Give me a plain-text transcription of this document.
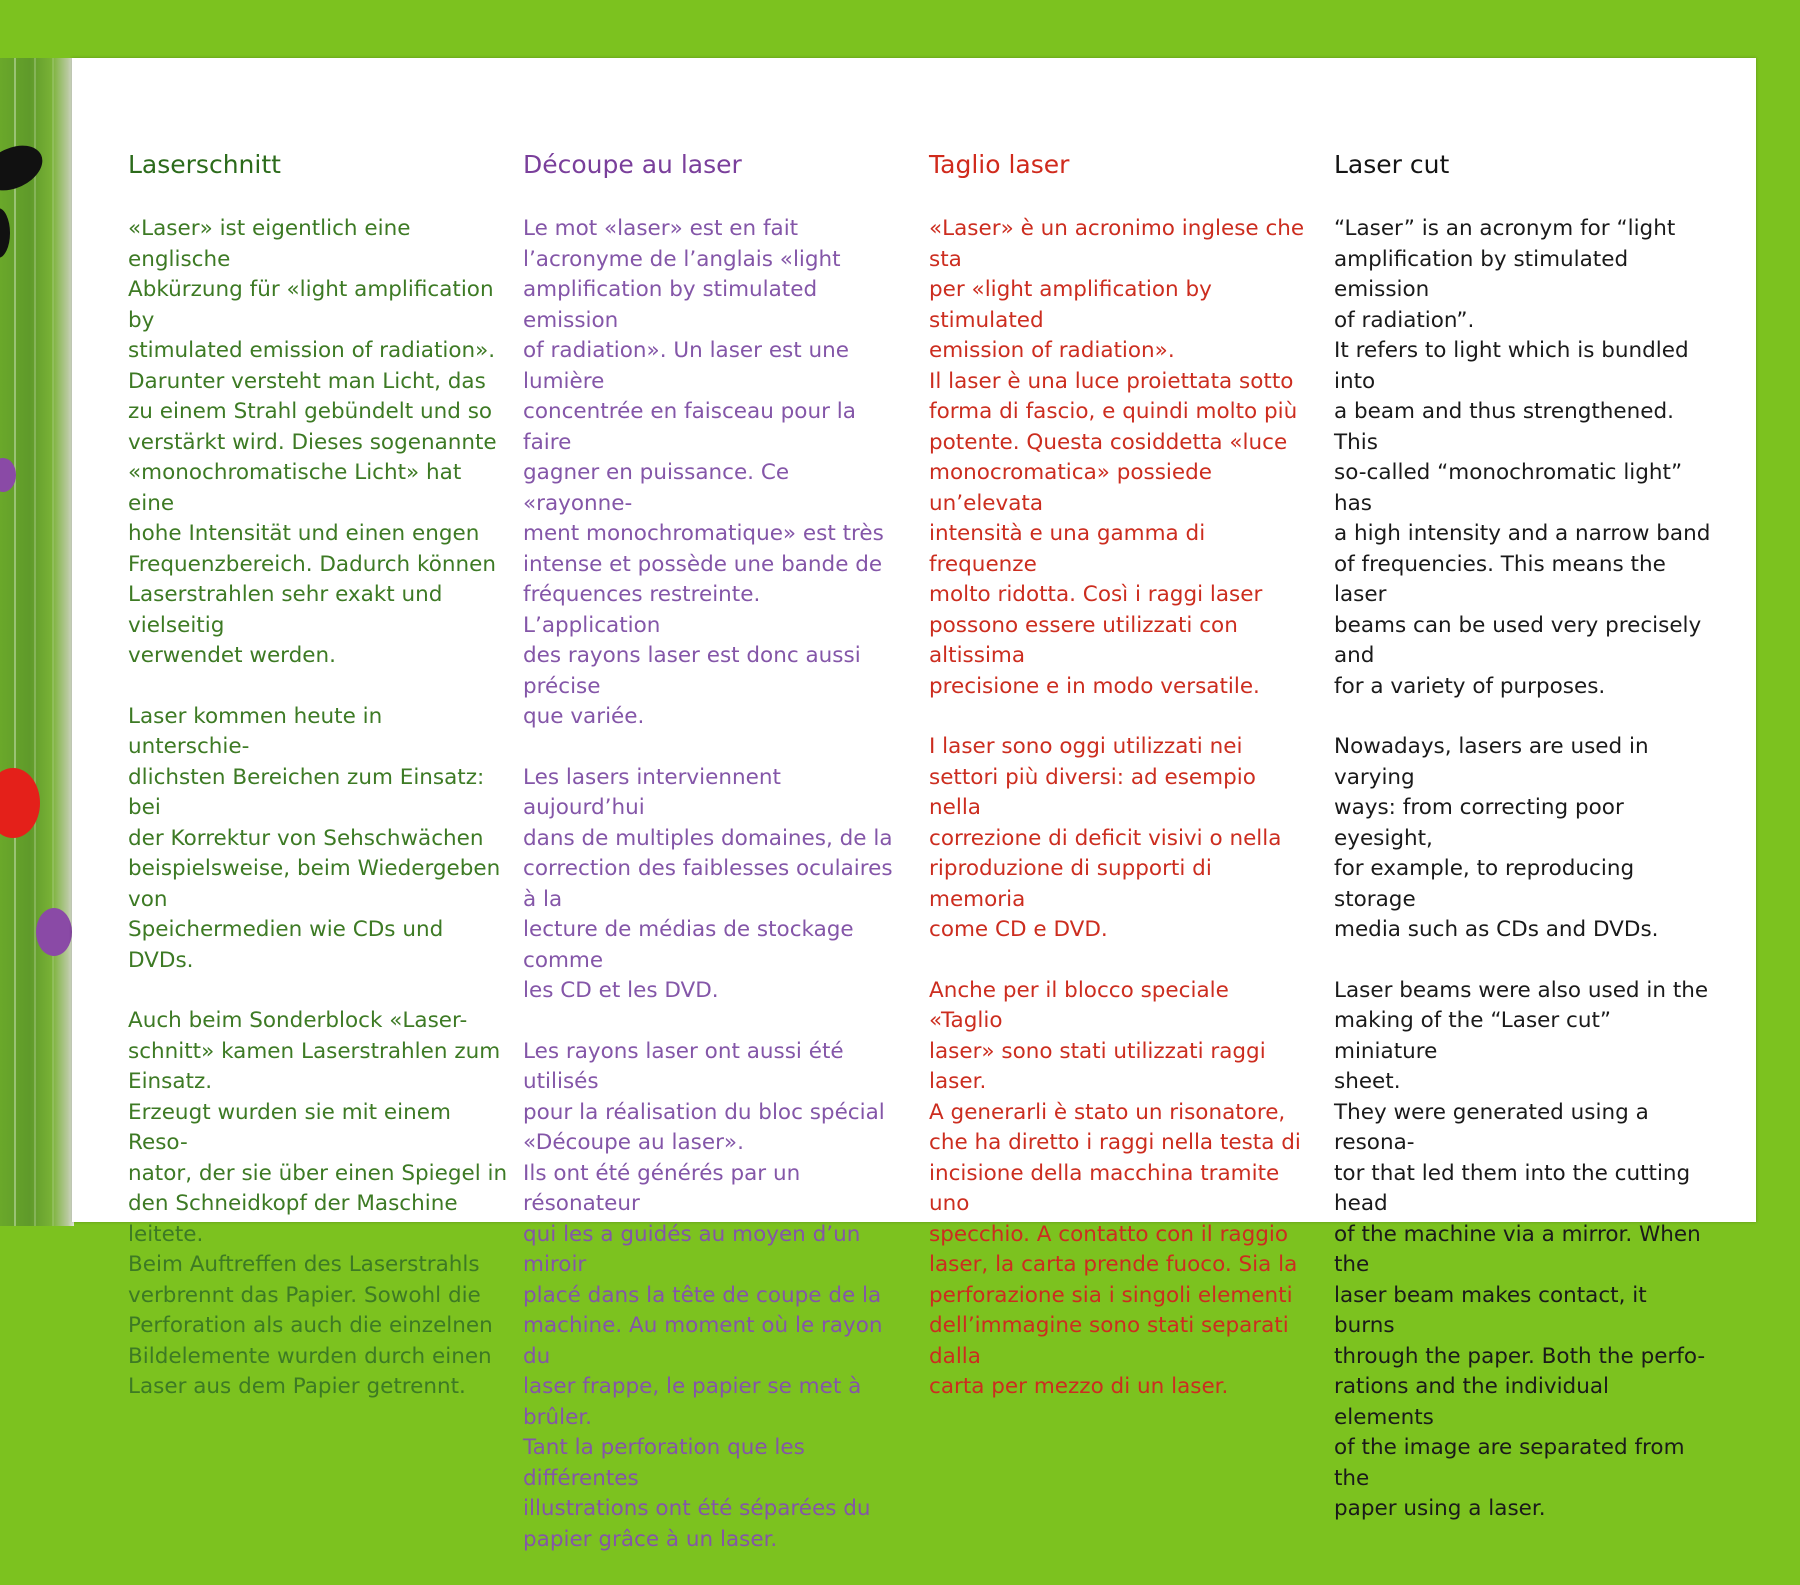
Laserschnitt
«Laser» ist eigentlich eine englische
Abkürzung für «light amplification by
stimulated emission of radiation».
Darunter versteht man Licht, das
zu einem Strahl gebündelt und so
verstärkt wird. Dieses sogenannte
«monochromatische Licht» hat eine
hohe Intensität und einen engen
Frequenzbereich. Dadurch können
Laserstrahlen sehr exakt und vielseitig
verwendet werden.
Laser kommen heute in unterschie-
dlichsten Bereichen zum Einsatz: bei
der Korrektur von Sehschwächen
beispielsweise, beim Wiedergeben von
Speichermedien wie CDs und DVDs.
Auch beim Sonderblock «Laser-
schnitt» kamen Laserstrahlen zum
Einsatz.
Erzeugt wurden sie mit einem Reso-
nator, der sie über einen Spiegel in
den Schneidkopf der Maschine leitete.
Beim Auftreffen des Laserstrahls
verbrennt das Papier. Sowohl die
Perforation als auch die einzelnen
Bildelemente wurden durch einen
Laser aus dem Papier getrennt.
Découpe au laser
Le mot «laser» est en fait
l’acronyme de l’anglais «light
amplification by stimulated emission
of radiation». Un laser est une lumière
concentrée en faisceau pour la faire
gagner en puissance. Ce «rayonne-
ment monochromatique» est très
intense et possède une bande de
fréquences restreinte. L’application
des rayons laser est donc aussi précise
que variée.
Les lasers interviennent aujourd’hui
dans de multiples domaines, de la
correction des faiblesses oculaires à la
lecture de médias de stockage comme
les CD et les DVD.
Les rayons laser ont aussi été utilisés
pour la réalisation du bloc spécial
«Découpe au laser».
Ils ont été générés par un résonateur
qui les a guidés au moyen d’un miroir
placé dans la tête de coupe de la
machine. Au moment où le rayon du
laser frappe, le papier se met à brûler.
Tant la perforation que les différentes
illustrations ont été séparées du
papier grâce à un laser.
Taglio laser
«Laser» è un acronimo inglese che sta
per «light amplification by stimulated
emission of radiation».
Il laser è una luce proiettata sotto
forma di fascio, e quindi molto più
potente. Questa cosiddetta «luce
monocromatica» possiede un’elevata
intensità e una gamma di frequenze
molto ridotta. Così i raggi laser
possono essere utilizzati con altissima
precisione e in modo versatile.
I laser sono oggi utilizzati nei
settori più diversi: ad esempio nella
correzione di deficit visivi o nella
riproduzione di supporti di memoria
come CD e DVD.
Anche per il blocco speciale «Taglio
laser» sono stati utilizzati raggi laser.
A generarli è stato un risonatore,
che ha diretto i raggi nella testa di
incisione della macchina tramite uno
specchio. A contatto con il raggio
laser, la carta prende fuoco. Sia la
perforazione sia i singoli elementi
dell’immagine sono stati separati dalla
carta per mezzo di un laser.
Laser cut
“Laser” is an acronym for “light
amplification by stimulated emission
of radiation”.
It refers to light which is bundled into
a beam and thus strengthened. This
so-called “monochromatic light” has
a high intensity and a narrow band
of frequencies. This means the laser
beams can be used very precisely and
for a variety of purposes.
Nowadays, lasers are used in varying
ways: from correcting poor eyesight,
for example, to reproducing storage
media such as CDs and DVDs.
Laser beams were also used in the
making of the “Laser cut” miniature
sheet.
They were generated using a resona-
tor that led them into the cutting head
of the machine via a mirror. When the
laser beam makes contact, it burns
through the paper. Both the perfo-
rations and the individual elements
of the image are separated from the
paper using a laser.
